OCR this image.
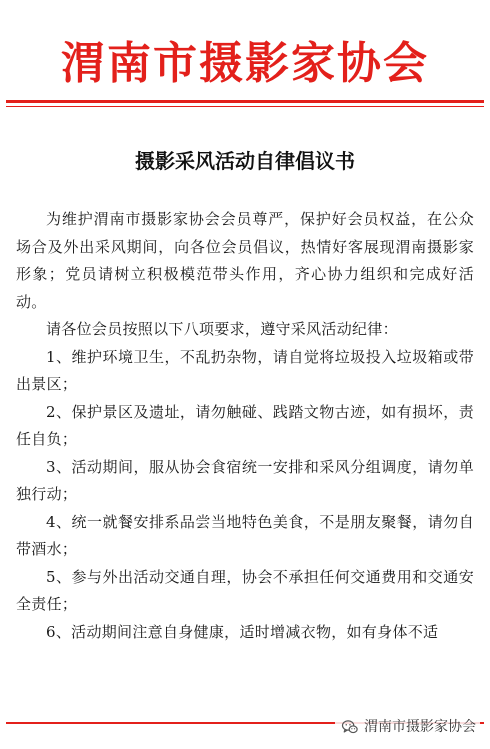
渭南市摄影家协会
摄影采风活动自律倡议书

为维护渭南市摄影家协会会员尊严，保护好会员权益，在公众场合及外出采风期间，向各位会员倡议，热情好客展现渭南摄影家形象；党员请树立积极模范带头作用，齐心协力组织和完成好活动。

请各位会员按照以下八项要求，遵守采风活动纪律：

1、维护环境卫生，不乱扔杂物，请自觉将垃圾投入垃圾箱或带出景区；

2、保护景区及遗址，请勿触碰、践踏文物古迹，如有损坏，责任自负；

3、活动期间，服从协会食宿统一安排和采风分组调度，请勿单独行动；

4、统一就餐安排系品尝当地特色美食，不是朋友聚餐，请勿自带酒水；

5、参与外出活动交通自理，协会不承担任何交通费用和交通安全责任；

6、活动期间注意自身健康，适时增减衣物，如有身体不适

渭南市摄影家协会
